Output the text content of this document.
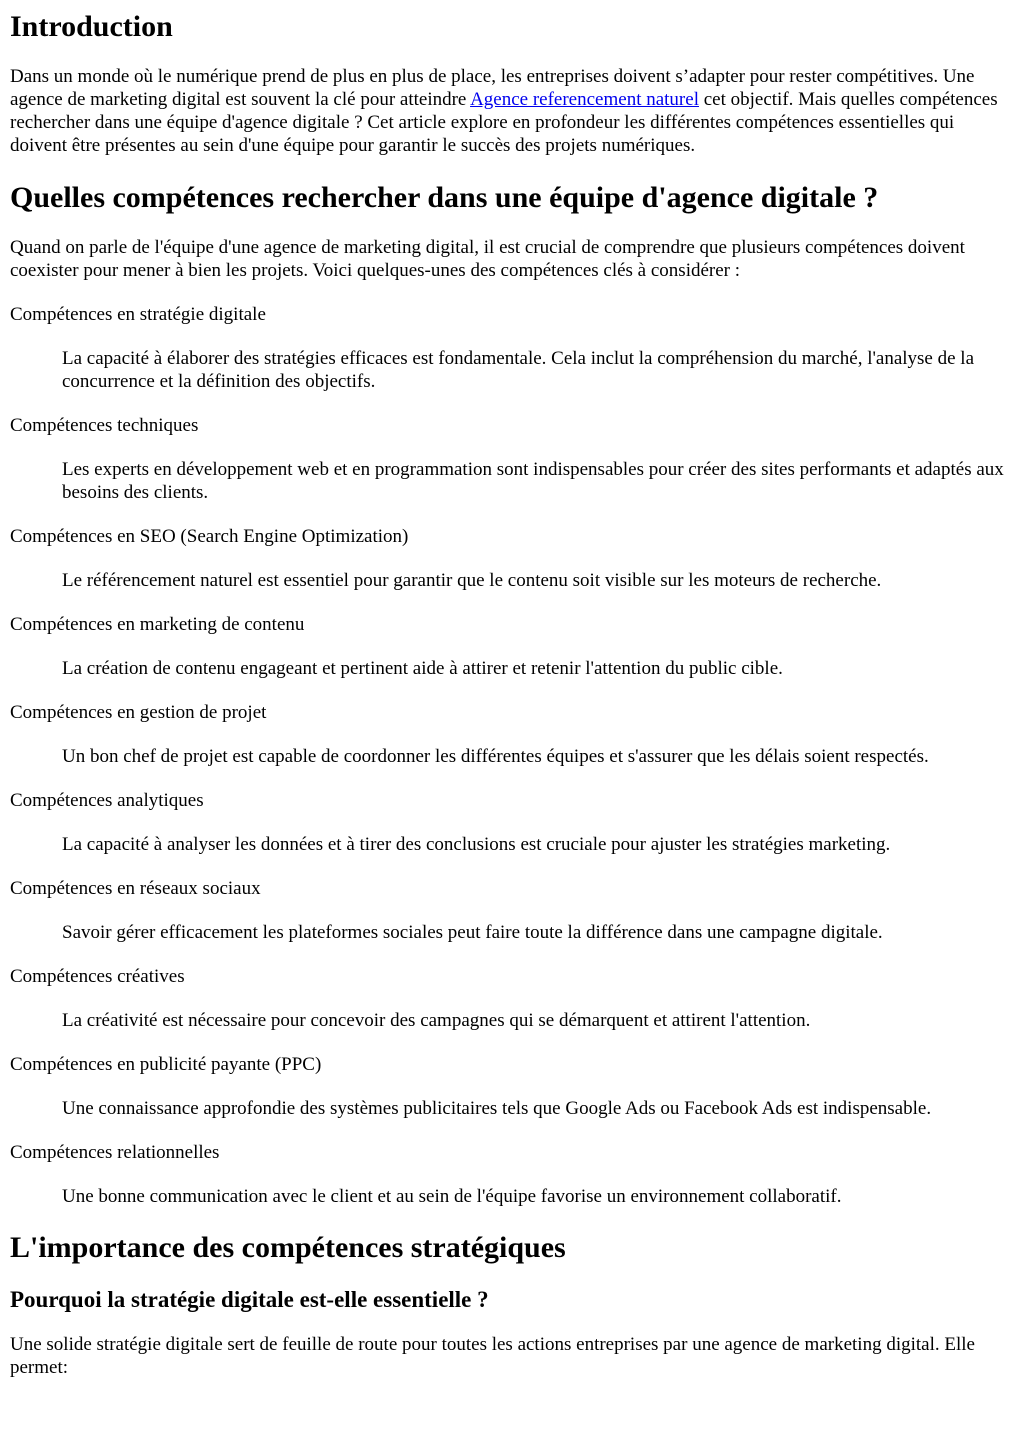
Introduction

Dans un monde où le numérique prend de plus en plus de place, les entreprises doivent s’adapter pour rester compétitives. Une agence de marketing digital est souvent la clé pour atteindre Agence referencement naturel cet objectif. Mais quelles compétences rechercher dans une équipe d'agence digitale ? Cet article explore en profondeur les différentes compétences essentielles qui doivent être présentes au sein d'une équipe pour garantir le succès des projets numériques.

Quelles compétences rechercher dans une équipe d'agence digitale ?

Quand on parle de l'équipe d'une agence de marketing digital, il est crucial de comprendre que plusieurs compétences doivent coexister pour mener à bien les projets. Voici quelques-unes des compétences clés à considérer :

Compétences en stratégie digitale
La capacité à élaborer des stratégies efficaces est fondamentale. Cela inclut la compréhension du marché, l'analyse de la concurrence et la définition des objectifs.
Compétences techniques
Les experts en développement web et en programmation sont indispensables pour créer des sites performants et adaptés aux besoins des clients.
Compétences en SEO (Search Engine Optimization)
Le référencement naturel est essentiel pour garantir que le contenu soit visible sur les moteurs de recherche.
Compétences en marketing de contenu
La création de contenu engageant et pertinent aide à attirer et retenir l'attention du public cible.
Compétences en gestion de projet
Un bon chef de projet est capable de coordonner les différentes équipes et s'assurer que les délais soient respectés.
Compétences analytiques
La capacité à analyser les données et à tirer des conclusions est cruciale pour ajuster les stratégies marketing.
Compétences en réseaux sociaux
Savoir gérer efficacement les plateformes sociales peut faire toute la différence dans une campagne digitale.
Compétences créatives
La créativité est nécessaire pour concevoir des campagnes qui se démarquent et attirent l'attention.
Compétences en publicité payante (PPC)
Une connaissance approfondie des systèmes publicitaires tels que Google Ads ou Facebook Ads est indispensable.
Compétences relationnelles
Une bonne communication avec le client et au sein de l'équipe favorise un environnement collaboratif.
L'importance des compétences stratégiques
Pourquoi la stratégie digitale est-elle essentielle ?

Une solide stratégie digitale sert de feuille de route pour toutes les actions entreprises par une agence de marketing digital. Elle permet:
